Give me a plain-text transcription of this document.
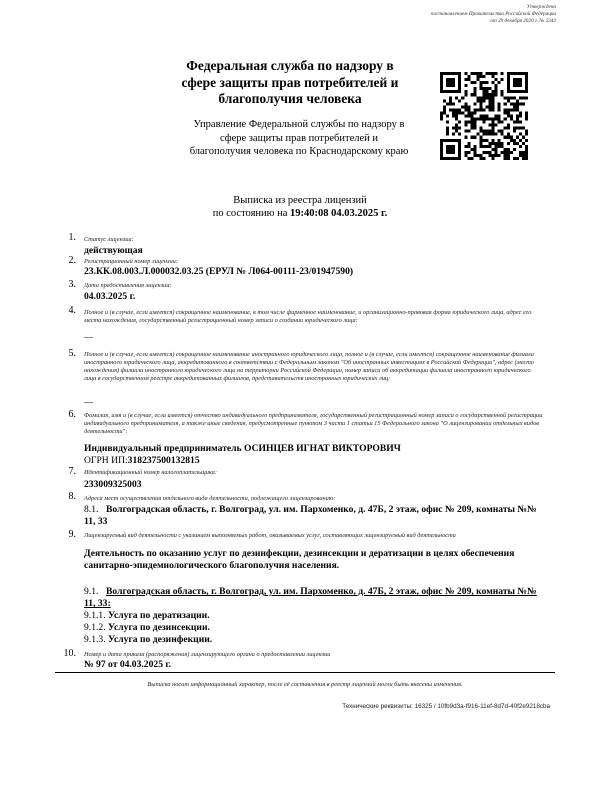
Утверждена
постановлением Правительства Российской Федерации
от 29 декабря 2020 г. № 2343
Федеральная служба по надзору в
сфере защиты прав потребителей и
благополучия человека
Управление Федеральной службы по надзору в
сфере защиты прав потребителей и
благополучия человека по Краснодарскому краю
Выписка из реестра лицензий
по состоянию на 19:40:08 04.03.2025 г.
1. Статус лицензии:
действующая
2. Регистрационный номер лицензии:
23.КК.08.003.Л.000032.03.25 (ЕРУЛ № Л064-00111-23/01947590)
3. Дата предоставления лицензии:
04.03.2025 г.
4. Полное и (в случае, если имеется) сокращенное наименование, в том числе фирменное наименование, и организационно-правовая форма юридического лица, адрес его места нахождения, государственный регистрационный номер записи о создании юридического лица:
—
5. Полное и (в случае, если имеется) сокращенное наименование иностранного юридического лица, полное и (в случае, если имеется) сокращенное наименование филиала иностранного юридического лица, аккредитованного в соответствии с Федеральным законом "Об иностранных инвестициях в Российской Федерации", адрес (место нахождения) филиала иностранного юридического лица на территории Российской Федерации, номер записи об аккредитации филиала иностранного юридического лица в государственном реестре аккредитованных филиалов, представительств иностранных юридических лиц:
—
6. Фамилия, имя и (в случае, если имеется) отчество индивидуального предпринимателя, государственный регистрационный номер записи о государственной регистрации индивидуального предпринимателя, а также иные сведения, предусмотренные пунктом 3 части 1 статьи 15 Федерального закона "О лицензировании отдельных видов деятельности":
Индивидуальный предприниматель ОСИНЦЕВ ИГНАТ ВИКТОРОВИЧ
ОГРН ИП:318237500132815
7. Идентификационный номер налогоплательщика:
233009325003
8. Адреса мест осуществления отдельного вида деятельности, подлежащего лицензированию:
8.1. Волгоградская область, г. Волгоград, ул. им. Пархоменко, д. 47Б, 2 этаж, офис № 209, комнаты №№ 11, 33
9. Лицензируемый вид деятельности с указанием выполняемых работ, оказываемых услуг, составляющих лицензируемый вид деятельности
Деятельность по оказанию услуг по дезинфекции, дезинсекции и дератизации в целях обеспечения санитарно-эпидемиологического благополучия населения.
9.1. Волгоградская область, г. Волгоград, ул. им. Пархоменко, д. 47Б, 2 этаж, офис № 209, комнаты №№ 11, 33:
9.1.1. Услуга по дератизации.
9.1.2. Услуга по дезинсекции.
9.1.3. Услуга по дезинфекции.
10. Номер и дата приказа (распоряжения) лицензирующего органа о предоставлении лицензии
№ 97 от 04.03.2025 г.
Выписка носит информационный характер, после её составления в реестр лицензий могли быть внесены изменения.
Технические реквизиты: 16325 / 10fb9d3a-f916-11ef-8d7d-40f2e9218cba
